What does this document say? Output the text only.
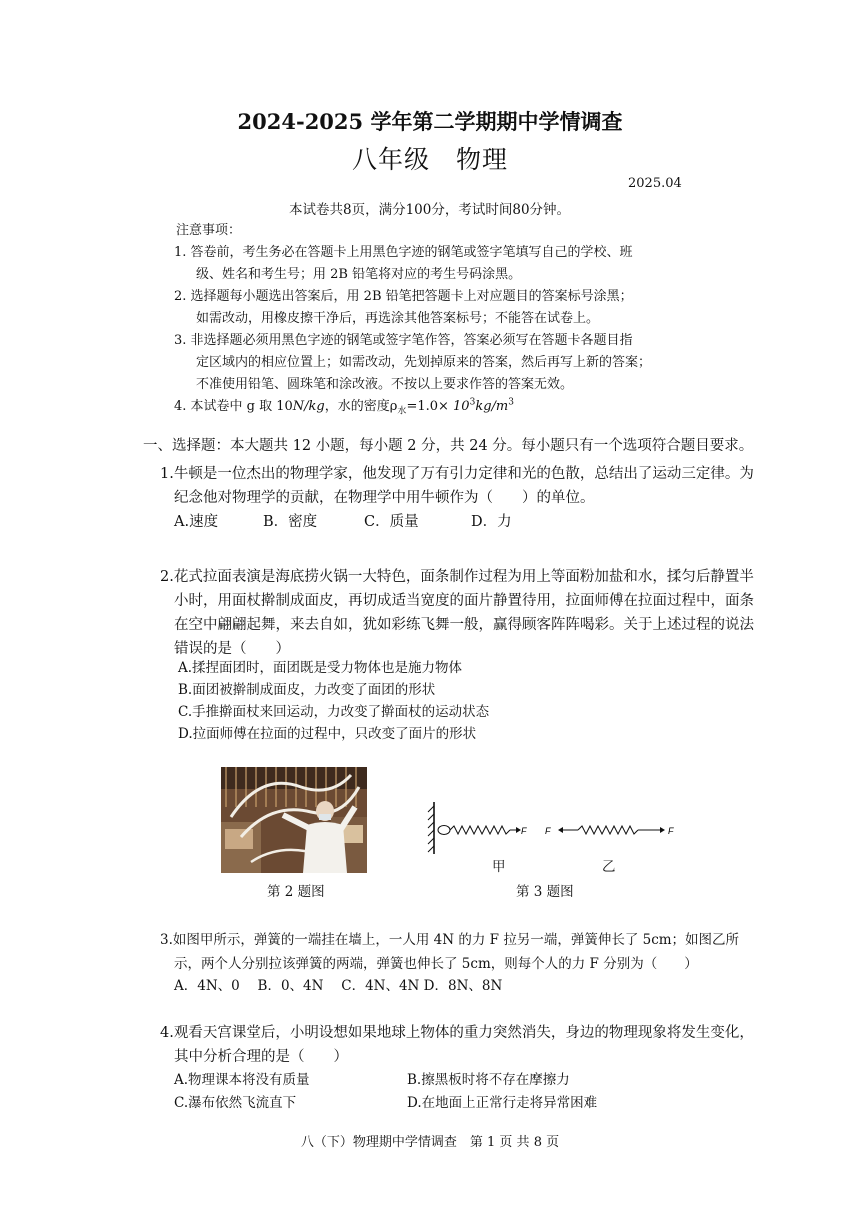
2024-2025 学年第二学期期中学情调查
八年级　物理
2025.04
本试卷共8页，满分100分，考试时间80分钟。
注意事项：
1. 答卷前，考生务必在答题卡上用黑色字迹的钢笔或签字笔填写自己的学校、班
级、姓名和考生号；用 2B 铅笔将对应的考生号码涂黑。
2. 选择题每小题选出答案后，用 2B 铅笔把答题卡上对应题目的答案标号涂黑；
如需改动，用橡皮擦干净后，再选涂其他答案标号；不能答在试卷上。
3. 非选择题必须用黑色字迹的钢笔或签字笔作答，答案必须写在答题卡各题目指
定区域内的相应位置上；如需改动，先划掉原来的答案，然后再写上新的答案；
不准使用铅笔、圆珠笔和涂改液。不按以上要求作答的答案无效。
4. 本试卷中 g 取 10N/kg，水的密度$\rho_水=1.0\times 10^3kg/m^3$
一、选择题：本大题共 12 小题，每小题 2 分，共 24 分。每小题只有一个选项符合题目要求。
1.牛顿是一位杰出的物理学家，他发现了万有引力定律和光的色散，总结出了运动三定律。为
纪念他对物理学的贡献，在物理学中用牛顿作为（　　）的单位。
A.速度	B．密度	C．质量	D．力
2.花式拉面表演是海底捞火锅一大特色，面条制作过程为用上等面粉加盐和水，揉匀后静置半
小时，用面杖擀制成面皮，再切成适当宽度的面片静置待用，拉面师傅在拉面过程中，面条
在空中翩翩起舞，来去自如，犹如彩练飞舞一般，赢得顾客阵阵喝彩。关于上述过程的说法
错误的是（　　）
A.揉捏面团时，面团既是受力物体也是施力物体
B.面团被擀制成面皮，力改变了面团的形状
C.手推擀面杖来回运动，力改变了擀面杖的运动状态
D.拉面师傅在拉面的过程中，只改变了面片的形状
第 2 题图
F F	F
甲	乙
第 3 题图
3.如图甲所示，弹簧的一端挂在墙上，一人用 4N 的力 F 拉另一端，弹簧伸长了 5cm；如图乙所
示，两个人分别拉该弹簧的两端，弹簧也伸长了 5cm，则每个人的力 F 分别为（　　）
A．4N、0　 B．0、4N　 C．4N、4N D．8N、8N
4.观看天宫课堂后，小明设想如果地球上物体的重力突然消失，身边的物理现象将发生变化，
其中分析合理的是（　　）
A.物理课本将没有质量	B.擦黑板时将不存在摩擦力
C.瀑布依然飞流直下	D.在地面上正常行走将异常困难
八（下）物理期中学情调查　第 1 页 共 8 页
